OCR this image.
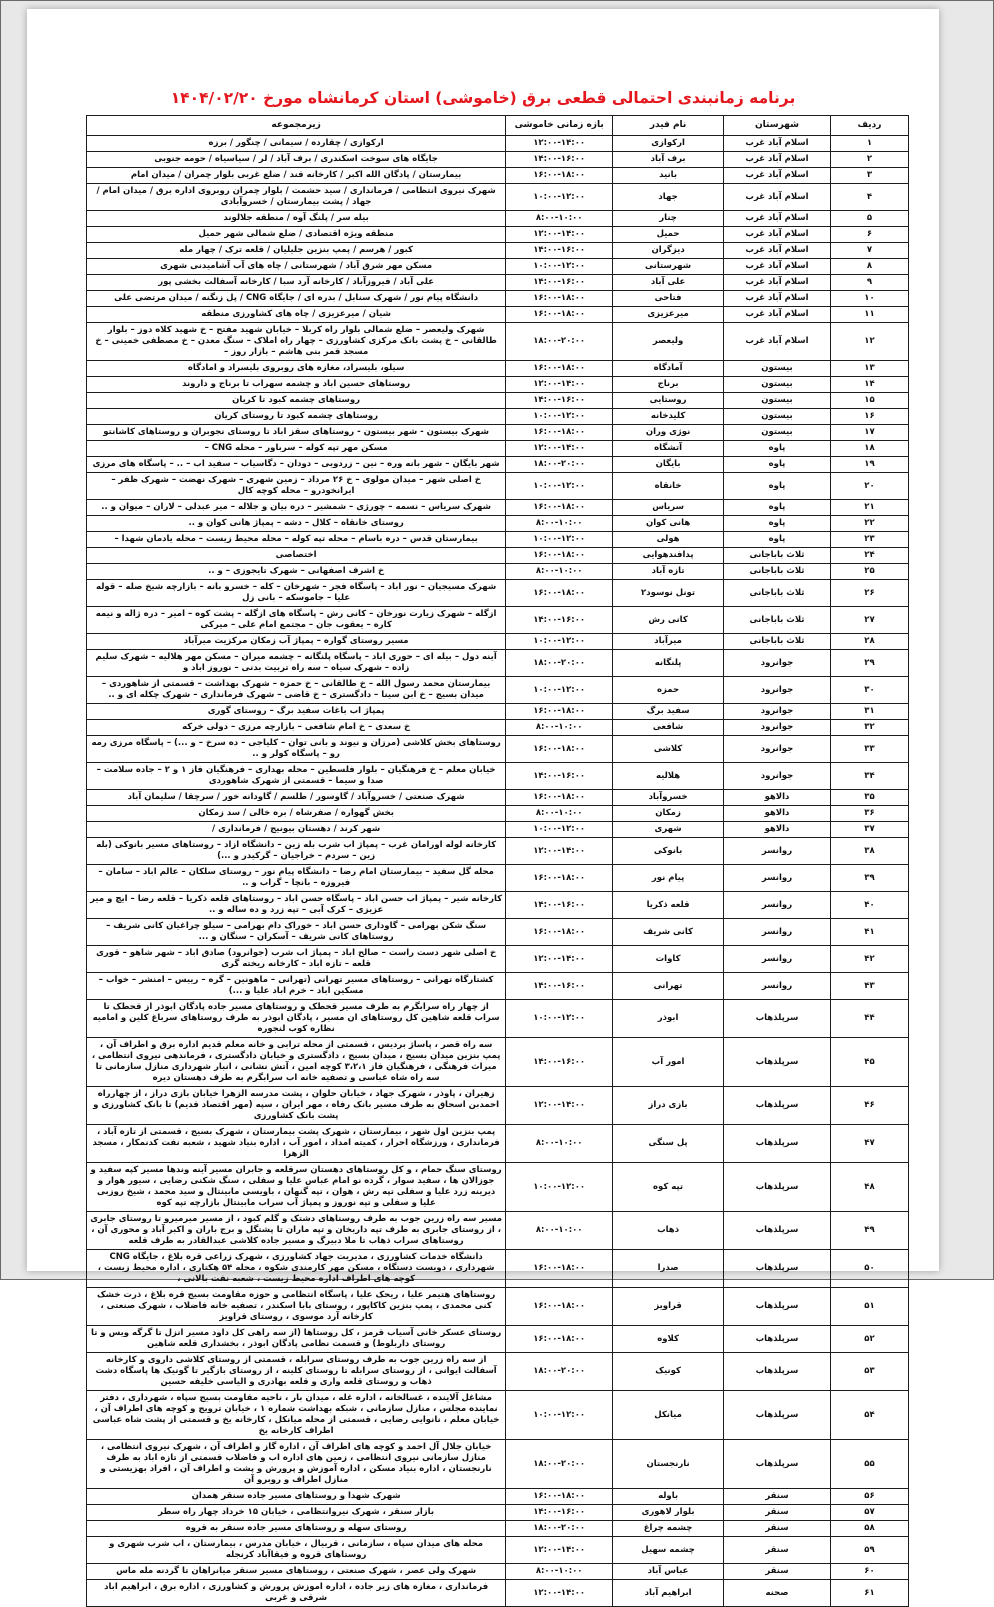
برنامه زمانبندی احتمالی قطعی برق (خاموشی) استان کرمانشاه مورخ ۱۴۰۴/۰۲/۲۰
ردیف	شهرستان	نام فیدر	بازه زمانی خاموشی	زیرمجموعه
۱	اسلام آباد غرب	ارکوازی	۱۲:۰۰-۱۴:۰۰	ارکوازی / چقارده / سیمانی / چنگور / برزه
۲	اسلام آباد غرب	برف آباد	۱۴:۰۰-۱۶:۰۰	جایگاه های سوخت اسکندری / برف آباد / لر / سیاسیاه / حومه جنوبی
۳	اسلام آباد غرب	بانید	۱۶:۰۰-۱۸:۰۰	بیمارستان / پادگان الله اکبر / کارخانه قند / ضلع غربی بلوار چمران / میدان امام
۴	اسلام آباد غرب	جهاد	۱۰:۰۰-۱۲:۰۰	شهرک نیروی انتظامی / فرمانداری / سید حشمت / بلوار چمران روبروی اداره برق / میدان امام / جهاد / پشت بیمارستان / خسروآبادی
۵	اسلام آباد غرب	چنار	۸:۰۰-۱۰:۰۰	بیله سر / پلنگ آوه / منطقه جلالوند
۶	اسلام آباد غرب	حمیل	۱۲:۰۰-۱۴:۰۰	منطقه ویژه اقتصادی / ضلع شمالی شهر حمیل
۷	اسلام آباد غرب	دیزگران	۱۴:۰۰-۱۶:۰۰	کبور / هرسم / پمپ بنزین جلیلیان / قلعه ترک / چهار مله
۸	اسلام آباد غرب	شهرستانی	۱۰:۰۰-۱۲:۰۰	مسکن مهر شرق آباد / شهرستانی / چاه های آب آشامیدنی شهری
۹	اسلام آباد غرب	علی آباد	۱۴:۰۰-۱۶:۰۰	علی آباد / فیروزآباد / کارخانه آرد سبا / کارخانه آسفالت بخشی پور
۱۰	اسلام آباد غرب	فتاحی	۱۶:۰۰-۱۸:۰۰	دانشگاه پیام نور / شهرک سنابل / بدره ای / جایگاه CNG / پل زنگنه / میدان مرتضی علی
۱۱	اسلام آباد غرب	میرعزیزی	۱۶:۰۰-۱۸:۰۰	شیان / میرعزیزی / چاه های کشاورزی منطقه
۱۲	اسلام آباد غرب	ولیعصر	۱۸:۰۰-۲۰:۰۰	شهرک ولیعصر – ضلع شمالی بلوار راه کربلا – خیابان شهید مفتح – خ شهید کلاه دوز – بلوار طالقانی – خ پشت بانک مرکزی کشاورزی – چهار راه املاک – سنگ معدن – خ مصطفی خمینی – خ مسجد قمر بنی هاشم – بازار روز –
۱۳	بیستون	آمادگاه	۱۶:۰۰-۱۸:۰۰	سیلو، بلیسراد، مغازه های روبروی بلیسراد و امادگاه
۱۴	بیستون	برناج	۱۲:۰۰-۱۴:۰۰	روستاهای حسین اباد و چشمه سهراب تا برناج و داروند
۱۵	بیستون	روستایی	۱۴:۰۰-۱۶:۰۰	روستاهای چشمه کبود تا کریان
۱۶	بیستون	کلیدخانه	۱۰:۰۰-۱۲:۰۰	روستاهای چشمه کبود تا روستای کریان
۱۷	بیستون	نوژی وران	۱۶:۰۰-۱۸:۰۰	شهرک بیستون - شهر بیستون - روستاهای سقز اباد تا روستای نجوبران و روستاهای کاشانتو
۱۸	پاوه	آتشگاه	۱۲:۰۰-۱۴:۰۰	مسکن مهر تپه کوله – سرباور – محله CNG –
۱۹	پاوه	بایگان	۱۸:۰۰-۲۰:۰۰	شهر بایگان – شهر بانه وره – نین – زردویی – دودان – دگاسیاب – سفید اب – .. – پاسگاه های مرزی
۲۰	پاوه	خانقاه	۱۰:۰۰-۱۲:۰۰	خ اصلی شهر – میدان مولوی – خ ۲۶ مرداد – زمین شهری – شهرک نهضت – شهرک ظفر – ایرانخودرو – محله کوچه کال
۲۱	پاوه	سریاس	۱۶:۰۰-۱۸:۰۰	شهرک سریاس – نسمه – چورژی – شمشیر – دره بیان و جلاله – میر عبدلی – لاران – میوان و ..
۲۲	پاوه	هانی کوان	۸:۰۰-۱۰:۰۰	روستای خانقاه – کلال – دشه – پمپاژ هانی کوان و ..
۲۳	پاوه	هولی	۱۰:۰۰-۱۲:۰۰	بیمارستان قدس – دره باسام – محله تپه کوله – محله محیط زیست – محله یادمان شهدا –
۲۴	ثلاث باباجانی	پدافندهوایی	۱۶:۰۰-۱۸:۰۰	اختصاصی
۲۵	ثلاث باباجانی	تازه آباد	۸:۰۰-۱۰:۰۰	خ اشرف اصفهانی – شهرک تایجوزی – و ..
۲۶	ثلاث باباجانی	تونل نوسود۲	۱۶:۰۰-۱۸:۰۰	شهرک مسیجیان – نور اباد – پاسگاه فجر – شهرخان – کله – خسرو بانه – بازارچه شیخ صله – قوله علیا – جاموسکه – بانی زل
۲۷	ثلاث باباجانی	کانی رش	۱۴:۰۰-۱۶:۰۰	ازگله – شهرک زیارت نورخان – کانی رش – پاسگاه های ازگله – پشت کوه – امیر – دره ژاله و نیمه کاره – یعقوب جان – مجتمع امام علی – میرکی
۲۸	ثلاث باباجانی	میرآباد	۱۰:۰۰-۱۲:۰۰	مسیر روستای گواره – پمپاژ آب زمکان مرکزیت میرآباد
۲۹	جوانرود	پلنگانه	۱۸:۰۰-۲۰:۰۰	آینه دول – بیله ای – حوری اباد – پاسگاه پلنگانه – چشمه میران – مسکن مهر هلالیه – شهرک سلیم زاده – شهرک سیاه – سه راه تربیت بدنی – نوروز اباد و
۳۰	جوانرود	حمزه	۱۰:۰۰-۱۲:۰۰	بیمارستان محمد رسول الله – خ طالقانی – خ حمزه – شهرک بهداشت – قسمتی از شاهوردی – میدان بسیج – خ ابن سینا – دادگستری – خ قاضی – شهرک فرمانداری – شهرک چکله ای و ..
۳۱	جوانرود	سفید برگ	۱۶:۰۰-۱۸:۰۰	پمپاژ اب باغات سفید برگ – روستای گوری
۳۲	جوانرود	شافعی	۸:۰۰-۱۰:۰۰	خ سعدی – خ امام شافعی – بازارچه مرزی – دولی خرکه
۳۳	جوانرود	کلاشی	۱۶:۰۰-۱۸:۰۰	روستاهای بخش کلاشی (مرزان و نیوند و بانی توان – کلیاجی – ده سرخ – و ...) – پاسگاه مرزی رمه رو – پاسگاه کولر و ..
۳۴	جوانرود	هلالیه	۱۴:۰۰-۱۶:۰۰	خیابان معلم – خ فرهنگیان – بلوار فلسطین – محله بهداری – فرهنگیان فاز ۱ و ۲ – جاده سلامت – صدا و سیما – قسمتی از شهرک شاهوردی
۳۵	دالاهو	خسروآباد	۱۶:۰۰-۱۸:۰۰	شهرک صنعتی / خسروآباد / گاوسور / طلسم / گاودانه خور / سرچقا / سلیمان آباد
۳۶	دالاهو	زمکان	۸:۰۰-۱۰:۰۰	بخش گهواره / صفرشاه / بره خالی / سد زمکان
۳۷	دالاهو	شهری	۱۰:۰۰-۱۲:۰۰	شهر کرند / دهستان بیونیج / فرمانداری /
۳۸	روانسر	بانوکی	۱۲:۰۰-۱۴:۰۰	کارخانه لوله اورامان غرب – پمپاژ اب شرب بله زین – دانشگاه ازاد – روستاهای مسیر بانوکی (بله زین – سردم – خراجیان – گرکیدر و ...)
۳۹	روانسر	پیام نور	۱۶:۰۰-۱۸:۰۰	محله گل سفید – بیمارستان امام رضا – دانشگاه پیام نور – روستای سلکان – عالم اباد – سامان – فیروزه – بانچا – گراب و ..
۴۰	روانسر	قلعه ذکریا	۱۴:۰۰-۱۶:۰۰	کارخانه شیر – پمپاژ اب حسن اباد – پاسگاه حسن اباد – روستاهای قلعه ذکریا – قلعه رضا – ایچ و میر عزیزی – کرک آبی – تپه زرد و ده ساله و ..
۴۱	روانسر	کانی شریف	۱۶:۰۰-۱۸:۰۰	سنگ شکن بهرامی – گاوداری حسن اباد – خوراک دام بهرامی – سیلو چراغیان کانی شریف – روستاهای کانی شریف – آسکران – سنگان و ...
۴۲	روانسر	کاوات	۱۲:۰۰-۱۴:۰۰	خ اصلی شهر دست راست – صالح اباد – پمپاژ اب شرب (جوانرود) صادق اباد – شهر شاهو – قوری قلعه – تازه اباد – کارخانه ریخته گری
۴۳	روانسر	تهرانی	۱۴:۰۰-۱۶:۰۰	کشتارگاه تهرانی – روستاهای مسیر تهرانی (تهرانی – ماهونین – گره – رییس – امنشر – خواب – مسکین اباد – خرم اباد علیا و ...)
۴۴	سرپلذهاب	ابوذر	۱۰:۰۰-۱۲:۰۰	از چهار راه سرابگرم به طرف مسیر قحطک و روستاهای مسیر جاده پادگان ابوذر از قحطک تا سراب قلعه شاهین کل روستاهای ان مسیر ، پادگان ابوذر به طرف روستاهای سرباغ کلین و امامیه نظاره کوب لنجوره
۴۵	سرپلذهاب	امور آب	۱۴:۰۰-۱۶:۰۰	سه راه قصر ، پاساژ بردیس ، قسمتی از محله ترابی و خانه معلم قدیم اداره برق و اطراف آن ، پمپ بنزین میدان بسیج ، میدان بسیج ، دادگستری و خیابان دادگستری ، فرماندهی نیروی انتظامی ، میراث فرهنگی ، فرهنگیان فاز ۳،۲،۱ کوچه امین ، آتش نشانی ، انبار شهرداری منازل سازمانی تا سه راه شاه عباسی و تصفیه خانه اب سرابگرم به طرف دهستان دیره
۴۶	سرپلذهاب	بازی دراز	۱۲:۰۰-۱۴:۰۰	زهیران ، پاوذر ، شهرک جهاد ، خیابان حلوان ، پشت مدرسه الزهرا خیابان بازی دراز ، از چهارراه احمدبن اسحاق به طرف مسیر بانک رفاه ، مهر ایران ، سپه (مهر اقتصاد قدیم) تا بانک کشاورزی و پشت بانک کشاورزی
۴۷	سرپلذهاب	پل سنگی	۸:۰۰-۱۰:۰۰	پمپ بنزین اول شهر ، بیمارستان ، شهرک پشت بیمارستان ، شهرک بسیج ، قسمتی از تازه آباد ، فرمانداری ، ورزشگاه احرار ، کمیته امداد ، امور آب ، اداره بنیاد شهید ، شعبه نفت کدنمکار ، مسجد الزهرا
۴۸	سرپلذهاب	تپه کوه	۱۰:۰۰-۱۲:۰۰	روستای سنگ حمام ، و کل روستاهای دهستان سرقلعه و جابران مسیر آینه وندها مسیر کپه سفید و جوزالان ها ، سفید سوار ، گرده نو امام عباس علیا و سفلی ، سنگ شکنی رضایی ، سیور هوار و دیرینه زرد علیا و سفلی تپه رش ، هوان ، تپه گنهان ، باویسی مابینتال و سید محمد ، شیخ روزبی علیا و سفلی و تپه نوروز و پمپاژ آب سراب مابینتال بازارچه تپه کوه
۴۹	سرپلذهاب	ذهاب	۸:۰۰-۱۰:۰۰	مسیر سه راه زرین جوب به طرف روستاهای دشتک و گلم کبود ، از مسیر میرمیرو تا روستای جابری ، از روستای جابری به طرف تپه داربخان و تپه ماران تا پشتگل و برج باران و اکبر آباد و محوری آن ، روستاهای سراب ذهاب تا ملا دبیرگ و مسیر جاده کلاشی عبدالقادر به طرف قلعه
۵۰	سرپلذهاب	صدرا	۱۶:۰۰-۱۸:۰۰	دانشگاه خدمات کشاورزی ، مدیریت جهاد کشاورزی ، شهرک زراعی قره بلاغ ، جایگاه CNG شهرداری ، دویست دستگاه ، مسکن مهر کارمندی شکوه ، محله ۵۴ هکتاری ، اداره محیط زیست ، کوچه های اطراف اداره محیط زیست ، شعبه نفت بالانی ،
۵۱	سرپلذهاب	قراویز	۱۶:۰۰-۱۸:۰۰	روستاهای هتیمر علیا ، ریحک علیا ، پاسگاه انتظامی و حوزه مقاومت بسیج قره بلاغ ، ذرت خشک کنی محمدی ، پمپ بنزین کاکاپور ، روستای بابا اسکندر ، تصفیه خانه فاضلاب ، شهرک صنعتی ، کارخانه آرد موسوی ، روستای قراویز
۵۲	سرپلذهاب	کلاوه	۱۶:۰۰-۱۸:۰۰	روستای عسکر خانی آسیاب قرمز ، کل روستاها (از سه راهی کل داود مسیر انزل تا گرگه ویس و تا روستای داربلوط) و قسمت نظامی پادگان ابوذر ، بخشداری قلعه شاهین
۵۳	سرپلذهاب	کونیک	۱۸:۰۰-۲۰:۰۰	از سه راه زرین جوب به طرف روستای سرابله ، قسمتی از روستای کلاشی داروی و کارخانه آسفالت ایوانی ، از روستای سرابله تا روستای کلینه ، از روستای بازگیر تا گونیک ها پاسگاه دشت ذهاب و روستای قلعه واری و قلعه بهادری و الیاسی خلیفه حسین
۵۴	سرپلذهاب	میانکل	۱۰:۰۰-۱۲:۰۰	مشاغل آلاینده ، غسالخانه ، اداره غله ، میدان بار ، ناحیه مقاومت بسیج سپاه ، شهرداری ، دفتر نماینده مجلس ، منازل سازمانی ، شبکه بهداشت شماره ۱ ، خیابان ترویج و کوچه های اطراف آن ، خیابان معلم ، نانوایی رضایی ، قسمتی از محله میانکل ، کارخانه یخ و قسمتی از پشت شاه عباسی اطراف کارخانه یخ
۵۵	سرپلذهاب	نارنجستان	۱۸:۰۰-۲۰:۰۰	خیابان جلال آل احمد و کوچه های اطراف آن ، اداره گاز و اطراف آن ، شهرک نیروی انتظامی ، منازل سازمانی نیروی انتظامی ، زمین های اداره اب و فاضلاب قسمتی از تازه اباد به طرف نارنجستان ، اداره بنیاد مسکن ، اداره آموزش و پرورش و پشت و اطراف آن ، افراد بهزیستی و منازل اطراف و روبرو آن
۵۶	سنقر	باوله	۱۶:۰۰-۱۸:۰۰	شهرک شهدا و روستاهای مسیر جاده سنقر همدان
۵۷	سنقر	بلوار لاهوری	۱۴:۰۰-۱۶:۰۰	بازار سنقر ، شهرک نیروانتظامی ، خیابان ۱۵ خرداد چهار راه سطر
۵۸	سنقر	چشمه چراغ	۱۸:۰۰-۲۰:۰۰	روستای سهله و روستاهای مسیر جاده سنقر به قروه
۵۹	سنقر	چشمه سهیل	۱۲:۰۰-۱۴:۰۰	محله های میدان سپاه ، سازمانی ، قربیال ، خیابان مدرس ، بیمارستان ، اب شرب شهری و روستاهای قروه و فیقاآباد کرنجله
۶۰	سنقر	عباس آباد	۸:۰۰-۱۰:۰۰	شهرک ولی عصر ، شهرک صنعتی ، روستاهای مسیر سنقر میانراهان تا گردنه مله ماس
۶۱	صحنه	ابراهیم آباد	۱۲:۰۰-۱۴:۰۰	فرمانداری ، مغازه های زیر جاده ، اداره اموزش پرورش و کشاورزی ، اداره برق ، ابراهیم اباد شرقی و غربی
